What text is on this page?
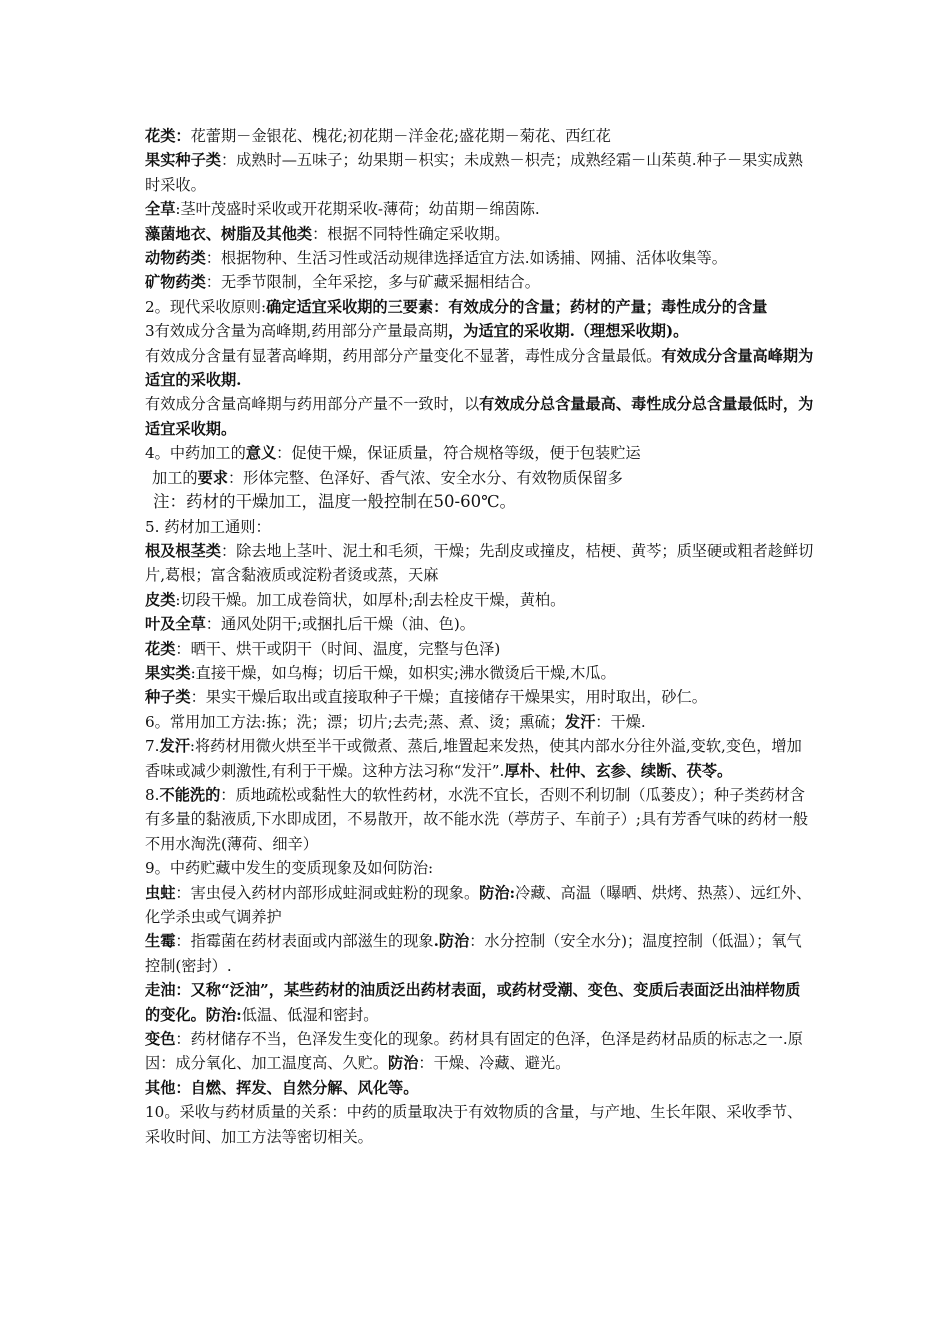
花类：花蕾期－金银花、槐花;初花期－洋金花;盛花期－菊花、西红花

果实种子类：成熟时—五味子；幼果期－枳实；未成熟－枳壳；成熟经霜－山茱萸.种子－果实成熟时采收。

全草:茎叶茂盛时采收或开花期采收-薄荷；幼苗期－绵茵陈.

藻菌地衣、树脂及其他类：根据不同特性确定采收期。

动物药类：根据物种、生活习性或活动规律选择适宜方法.如诱捕、网捕、活体收集等。

矿物药类：无季节限制，全年采挖，多与矿藏采掘相结合。

2。现代采收原则:确定适宜采收期的三要素：有效成分的含量；药材的产量；毒性成分的含量

3有效成分含量为高峰期,药用部分产量最高期，为适宜的采收期.（理想采收期)。

有效成分含量有显著高峰期，药用部分产量变化不显著，毒性成分含量最低。有效成分含量高峰期为适宜的采收期.

有效成分含量高峰期与药用部分产量不一致时，以有效成分总含量最高、毒性成分总含量最低时，为适宜采收期。

4。中药加工的意义：促使干燥，保证质量，符合规格等级，便于包装贮运

加工的要求：形体完整、色泽好、香气浓、安全水分、有效物质保留多

注：药材的干燥加工，温度一般控制在50-60℃。

5. 药材加工通则：

根及根茎类：除去地上茎叶、泥土和毛须，干燥；先刮皮或撞皮，桔梗、黄芩；质坚硬或粗者趁鲜切片,葛根；富含黏液质或淀粉者烫或蒸，天麻

皮类:切段干燥。加工成卷筒状，如厚朴;刮去栓皮干燥，黄柏。

叶及全草：通风处阴干;或捆扎后干燥（油、色)。

花类：晒干、烘干或阴干（时间、温度，完整与色泽)

果实类:直接干燥，如乌梅；切后干燥，如枳实;沸水微烫后干燥,木瓜。

种子类：果实干燥后取出或直接取种子干燥；直接储存干燥果实，用时取出，砂仁。

6。常用加工方法:拣；洗；漂；切片;去壳;蒸、煮、烫；熏硫；发汗：干燥.

7.发汗:将药材用微火烘至半干或微煮、蒸后,堆置起来发热，使其内部水分往外溢,变软,变色，增加香味或减少刺激性,有利于干燥。这种方法习称“发汗”.厚朴、杜仲、玄参、续断、茯苓。

8.不能洗的：质地疏松或黏性大的软性药材，水洗不宜长，否则不利切制（瓜蒌皮）；种子类药材含有多量的黏液质,下水即成团，不易散开，故不能水洗（葶苈子、车前子）;具有芳香气味的药材一般不用水淘洗(薄荷、细辛）

9。中药贮藏中发生的变质现象及如何防治:

虫蛀：害虫侵入药材内部形成蛀洞或蛀粉的现象。防治:冷藏、高温（曝晒、烘烤、热蒸）、远红外、化学杀虫或气调养护

生霉：指霉菌在药材表面或内部滋生的现象.防治：水分控制（安全水分)；温度控制（低温）；氧气控制(密封）.

走油：又称“泛油”，某些药材的油质泛出药材表面，或药材受潮、变色、变质后表面泛出油样物质的变化。防治:低温、低湿和密封。

变色：药材储存不当，色泽发生变化的现象。药材具有固定的色泽，色泽是药材品质的标志之一.原因：成分氧化、加工温度高、久贮。防治：干燥、冷藏、避光。

其他：自燃、挥发、自然分解、风化等。

10。采收与药材质量的关系：中药的质量取决于有效物质的含量，与产地、生长年限、采收季节、采收时间、加工方法等密切相关。
